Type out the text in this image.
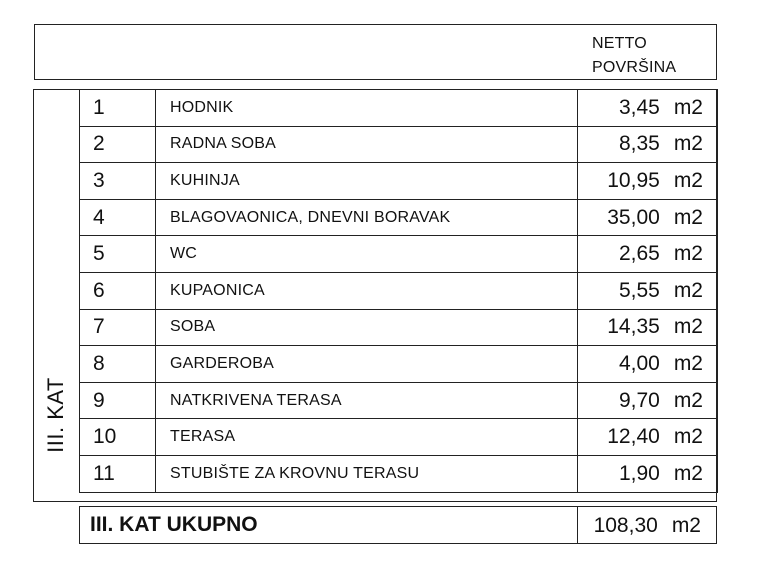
NETTO
POVRŠINA
III. KAT
1	HODNIK	3,45 m2
2	RADNA SOBA	8,35 m2
3	KUHINJA	10,95 m2
4	BLAGOVAONICA, DNEVNI BORAVAK	35,00 m2
5	WC	2,65 m2
6	KUPAONICA	5,55 m2
7	SOBA	14,35 m2
8	GARDEROBA	4,00 m2
9	NATKRIVENA TERASA	9,70 m2
10	TERASA	12,40 m2
11	STUBIŠTE ZA KROVNU TERASU	1,90 m2
III. KAT UKUPNO	108,30 m2
